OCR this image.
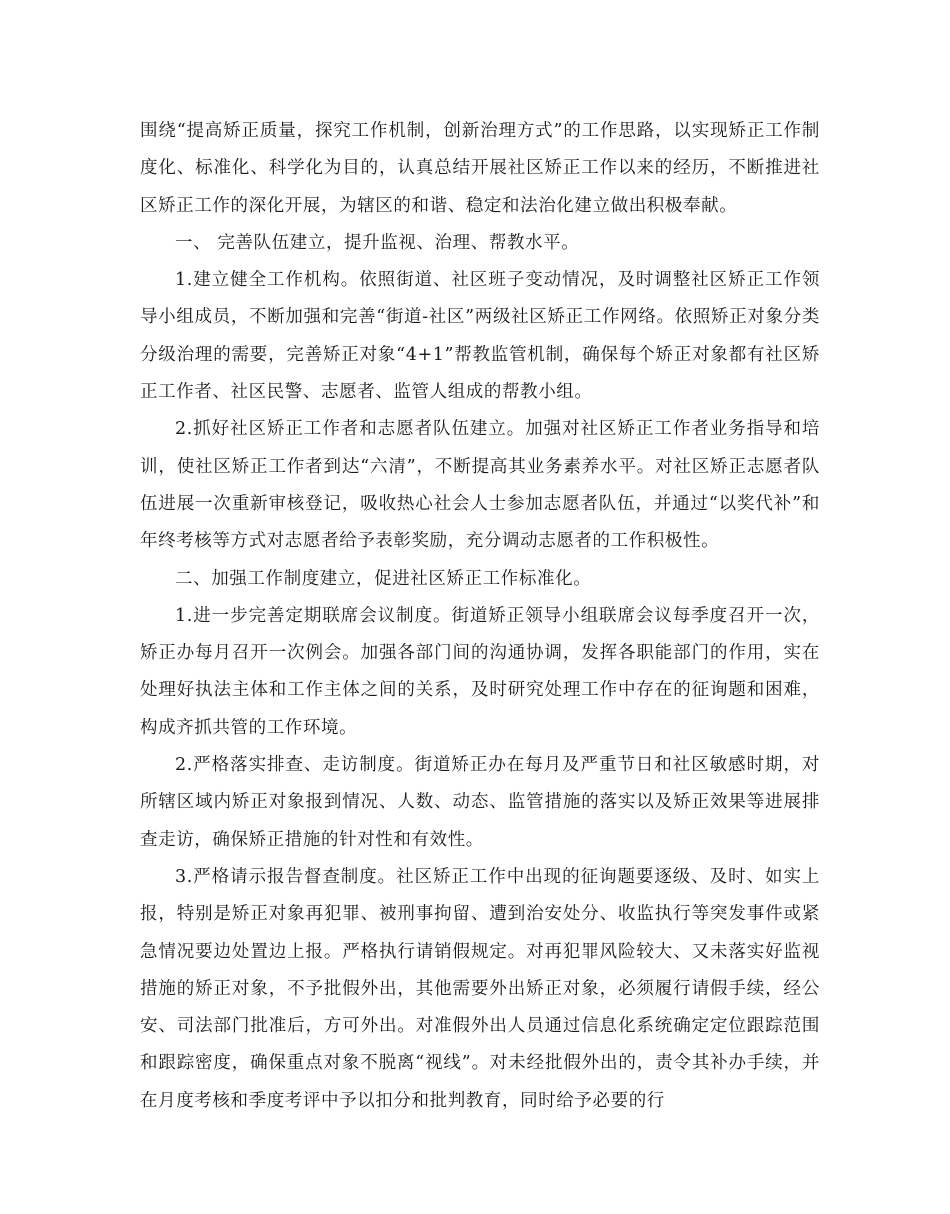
围绕“提高矫正质量，探究工作机制，创新治理方式”的工作思路，以实现矫正工作制度化、标准化、科学化为目的，认真总结开展社区矫正工作以来的经历，不断推进社区矫正工作的深化开展，为辖区的和谐、稳定和法治化建立做出积极奉献。

一、 完善队伍建立，提升监视、治理、帮教水平。

1.建立健全工作机构。依照街道、社区班子变动情况，及时调整社区矫正工作领导小组成员，不断加强和完善“街道-社区”两级社区矫正工作网络。依照矫正对象分类分级治理的需要，完善矫正对象“4+1”帮教监管机制，确保每个矫正对象都有社区矫正工作者、社区民警、志愿者、监管人组成的帮教小组。

2.抓好社区矫正工作者和志愿者队伍建立。加强对社区矫正工作者业务指导和培训，使社区矫正工作者到达“六清”，不断提高其业务素养水平。对社区矫正志愿者队伍进展一次重新审核登记，吸收热心社会人士参加志愿者队伍，并通过“以奖代补”和年终考核等方式对志愿者给予表彰奖励，充分调动志愿者的工作积极性。

二、加强工作制度建立，促进社区矫正工作标准化。

1.进一步完善定期联席会议制度。街道矫正领导小组联席会议每季度召开一次，矫正办每月召开一次例会。加强各部门间的沟通协调，发挥各职能部门的作用，实在处理好执法主体和工作主体之间的关系，及时研究处理工作中存在的征询题和困难，构成齐抓共管的工作环境。

2.严格落实排查、走访制度。街道矫正办在每月及严重节日和社区敏感时期，对所辖区域内矫正对象报到情况、人数、动态、监管措施的落实以及矫正效果等进展排查走访，确保矫正措施的针对性和有效性。

3.严格请示报告督查制度。社区矫正工作中出现的征询题要逐级、及时、如实上报，特别是矫正对象再犯罪、被刑事拘留、遭到治安处分、收监执行等突发事件或紧急情况要边处置边上报。严格执行请销假规定。对再犯罪风险较大、又未落实好监视措施的矫正对象，不予批假外出，其他需要外出矫正对象，必须履行请假手续，经公安、司法部门批准后，方可外出。对准假外出人员通过信息化系统确定定位跟踪范围和跟踪密度，确保重点对象不脱离“视线”。对未经批假外出的，责令其补办手续，并在月度考核和季度考评中予以扣分和批判教育，同时给予必要的行
